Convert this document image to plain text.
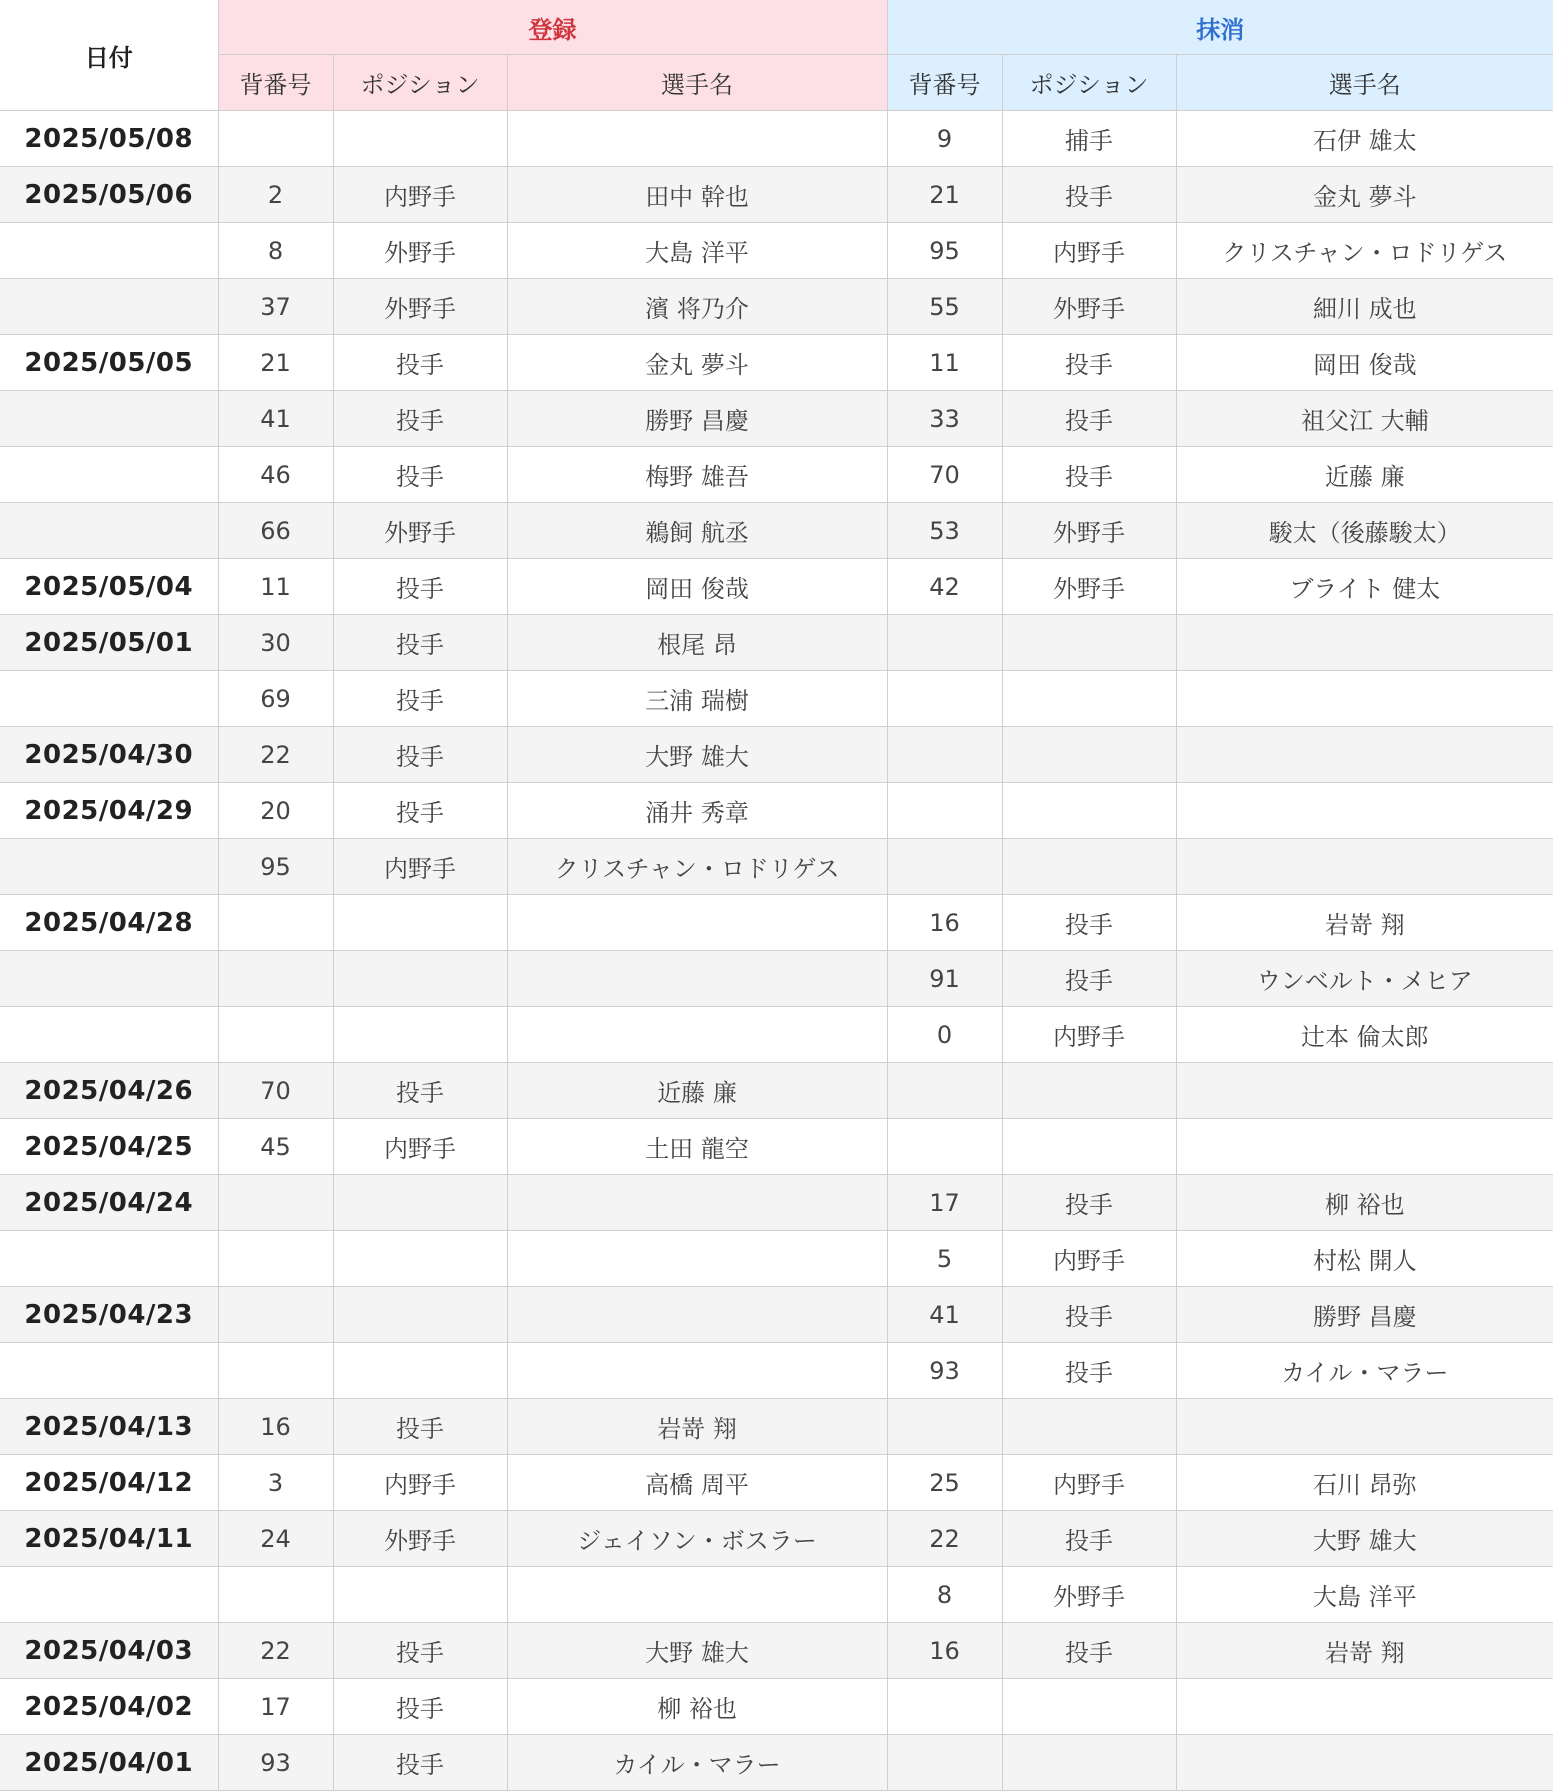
日付	登録			抹消		
	背番号	ポジション	選手名	背番号	ポジション	選手名
2025/05/08				9	捕手	石伊 雄太
2025/05/06	2	内野手	田中 幹也	21	投手	金丸 夢斗
	8	外野手	大島 洋平	95	内野手	クリスチャン・ロドリゲス
	37	外野手	濱 将乃介	55	外野手	細川 成也
2025/05/05	21	投手	金丸 夢斗	11	投手	岡田 俊哉
	41	投手	勝野 昌慶	33	投手	祖父江 大輔
	46	投手	梅野 雄吾	70	投手	近藤 廉
	66	外野手	鵜飼 航丞	53	外野手	駿太（後藤駿太）
2025/05/04	11	投手	岡田 俊哉	42	外野手	ブライト 健太
2025/05/01	30	投手	根尾 昂			
	69	投手	三浦 瑞樹			
2025/04/30	22	投手	大野 雄大			
2025/04/29	20	投手	涌井 秀章			
	95	内野手	クリスチャン・ロドリゲス			
2025/04/28				16	投手	岩嵜 翔
				91	投手	ウンベルト・メヒア
				0	内野手	辻本 倫太郎
2025/04/26	70	投手	近藤 廉			
2025/04/25	45	内野手	土田 龍空			
2025/04/24				17	投手	柳 裕也
				5	内野手	村松 開人
2025/04/23				41	投手	勝野 昌慶
				93	投手	カイル・マラー
2025/04/13	16	投手	岩嵜 翔			
2025/04/12	3	内野手	高橋 周平	25	内野手	石川 昂弥
2025/04/11	24	外野手	ジェイソン・ボスラー	22	投手	大野 雄大
				8	外野手	大島 洋平
2025/04/03	22	投手	大野 雄大	16	投手	岩嵜 翔
2025/04/02	17	投手	柳 裕也			
2025/04/01	93	投手	カイル・マラー			
